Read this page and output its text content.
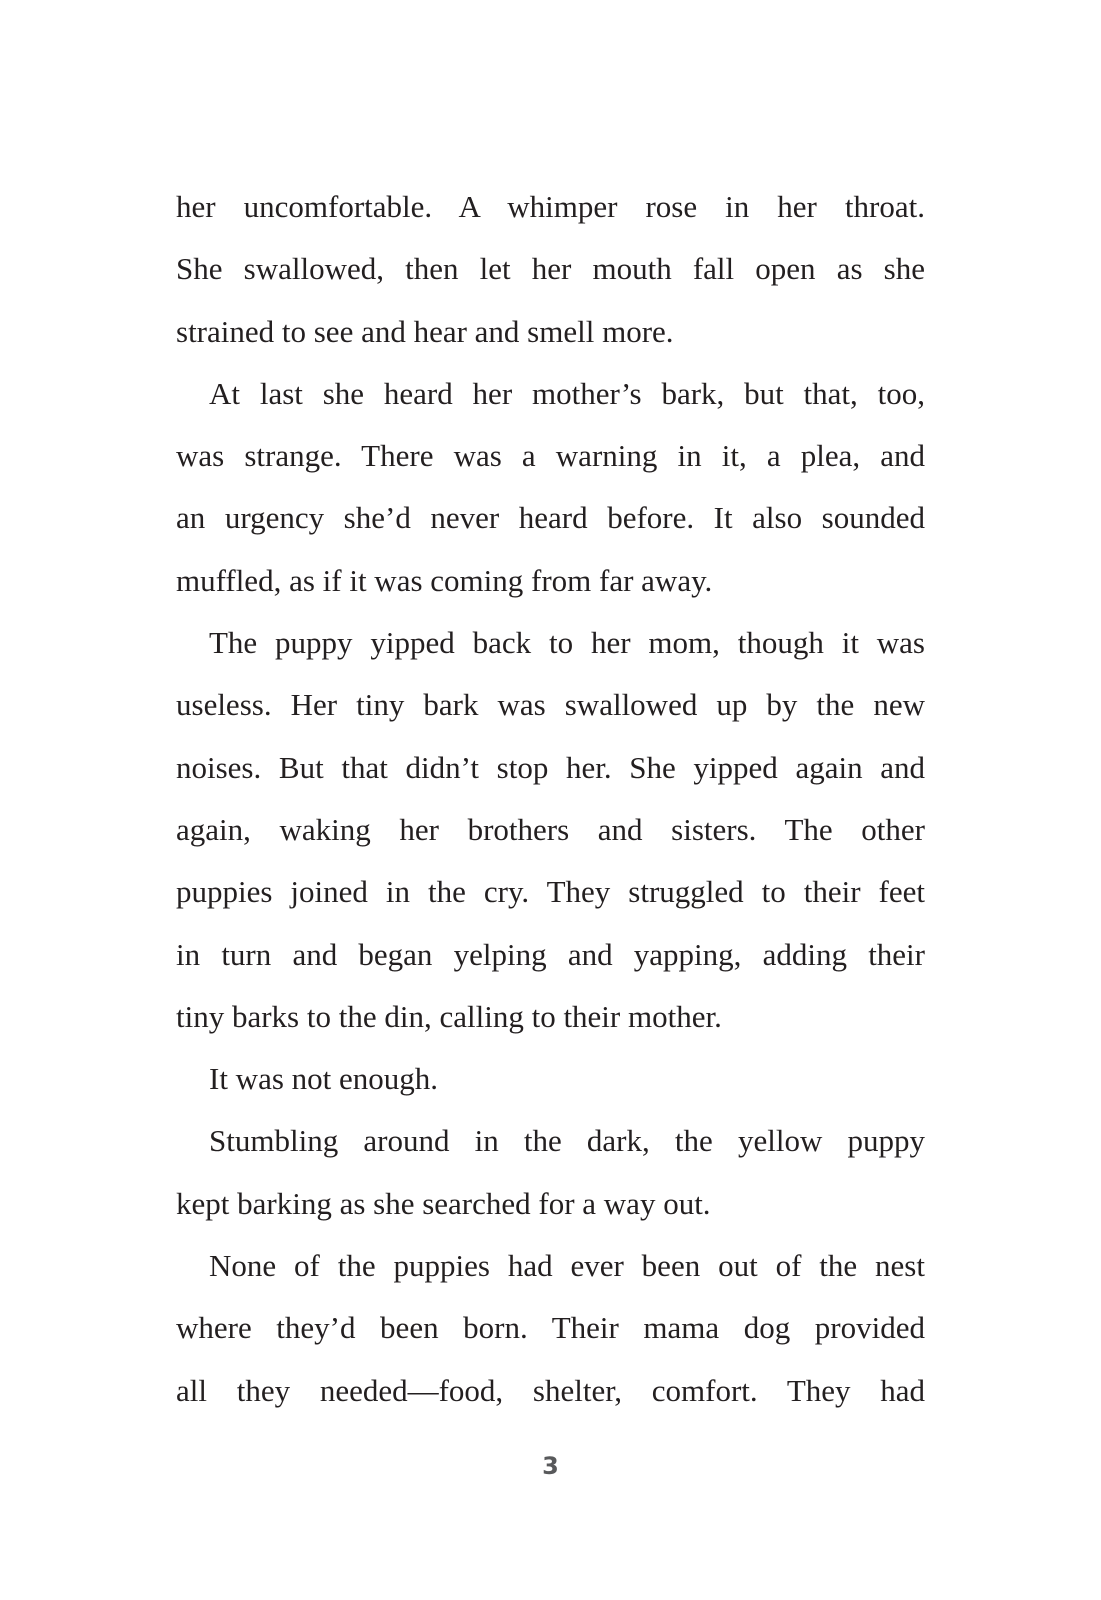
her uncomfortable. A whimper rose in her throat.
She swallowed, then let her mouth fall open as she
strained to see and hear and smell more.
At last she heard her mother’s bark, but that, too,
was strange. There was a warning in it, a plea, and
an urgency she’d never heard before. It also sounded
muffled, as if it was coming from far away.
The puppy yipped back to her mom, though it was
useless. Her tiny bark was swallowed up by the new
noises. But that didn’t stop her. She yipped again and
again, waking her brothers and sisters. The other
puppies joined in the cry. They struggled to their feet
in turn and began yelping and yapping, adding their
tiny barks to the din, calling to their mother.
It was not enough.
Stumbling around in the dark, the yellow puppy
kept barking as she searched for a way out.
None of the puppies had ever been out of the nest
where they’d been born. Their mama dog provided
all they needed—food, shelter, comfort. They had
3
